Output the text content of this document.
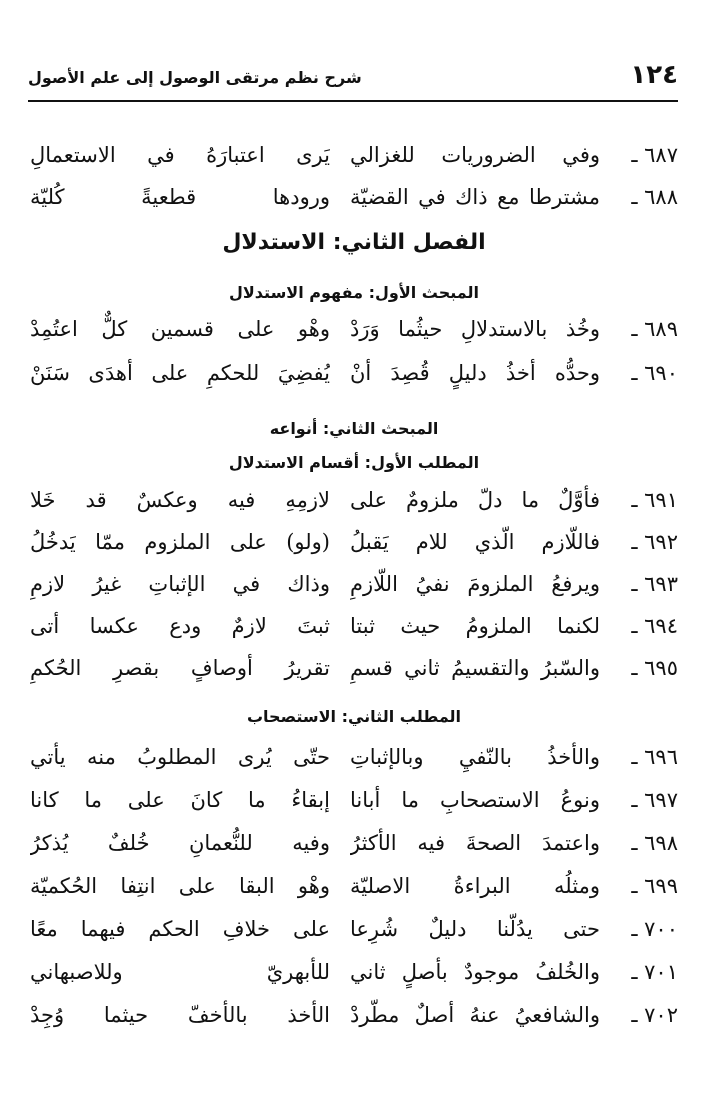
١٢٤
شرح نظم مرتقى الوصول إلى علم الأصول
٦٨٧ ـ
وفي الضروريات للغزالي
يَرى اعتبارَهُ في الاستعمالِ
٦٨٨ ـ
مشترطا مع ذاك في القضيّة
ورودها قطعيةً كُليّة
الفصل الثاني: الاستدلال
المبحث الأول: مفهوم الاستدلال
٦٨٩ ـ
وخُذ بالاستدلالِ حيثُما وَرَدْ
وهْو على قسمين كلٌّ اعتُمِدْ
٦٩٠ ـ
وحدُّه أخذُ دليلٍ قُصِدَ أنْ
يُفضِيَ للحكمِ على أهدَى سَنَنْ
المبحث الثاني: أنواعه
المطلب الأول: أقسام الاستدلال
٦٩١ ـ
فأوَّلٌ ما دلّ ملزومٌ على
لازمِهِ فيه وعكسٌ قد خَلا
٦٩٢ ـ
فاللّازم الّذي للام يَقبلُ
(ولو) على الملزوم ممّا يَدخُلُ
٦٩٣ ـ
ويرفعُ الملزومَ نفيُ اللّازمِ
وذاك في الإثباتِ غيرُ لازمِ
٦٩٤ ـ
لكنما الملزومُ حيث ثبتا
ثبتَ لازمٌ ودع عكسا أتى
٦٩٥ ـ
والسّبرُ والتقسيمُ ثاني قسمِ
تقريرُ أوصافٍ بقصرِ الحُكمِ
المطلب الثاني: الاستصحاب
٦٩٦ ـ
والأخذُ بالنّفيِ وبالإثباتِ
حتّى يُرى المطلوبُ منه يأتي
٦٩٧ ـ
ونوعُ الاستصحابِ ما أبانا
إبقاءُ ما كانَ على ما كانا
٦٩٨ ـ
واعتمدَ الصحةَ فيه الأكثرُ
وفيه للنُّعمانِ خُلفٌ يُذكرُ
٦٩٩ ـ
ومثلُه البراءةُ الاصليّة
وهْو البقا على انتِفا الحُكميّة
٧٠٠ ـ
حتى يدُلّنا دليلٌ شُرِعا
على خلافِ الحكم فيهما معًا
٧٠١ ـ
والخُلفُ موجودٌ بأصلٍ ثاني
للأبهريّ وللاصبهاني
٧٠٢ ـ
والشافعيُ عنهُ أصلٌ مطّردْ
الأخذ بالأخفّ حيثما وُجِدْ
